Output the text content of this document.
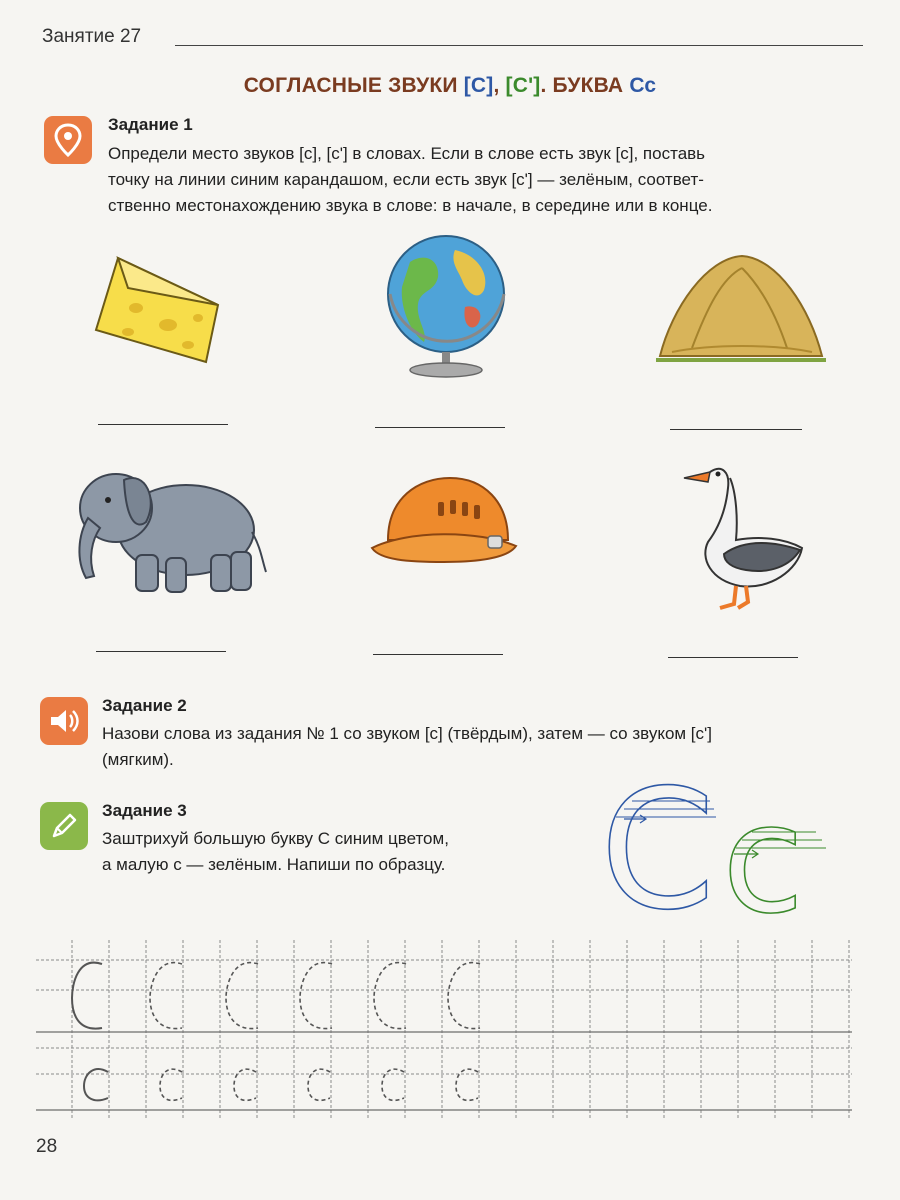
Занятие 27
СОГЛАСНЫЕ ЗВУКИ [С], [С']. БУКВА Сс
Задание 1
Определи место звуков [с], [с'] в словах. Если в слове есть звук [с], поставь
точку на линии синим карандашом, если есть звук [с'] — зелёным, соответ-
ственно местонахождению звука в слове: в начале, в середине или в конце.
Задание 2
Назови слова из задания № 1 со звуком [с] (твёрдым), затем — со звуком [с']
(мягким).
Задание 3
Заштрихуй большую букву С синим цветом,
а малую с — зелёным. Напиши по образцу. С с
28
